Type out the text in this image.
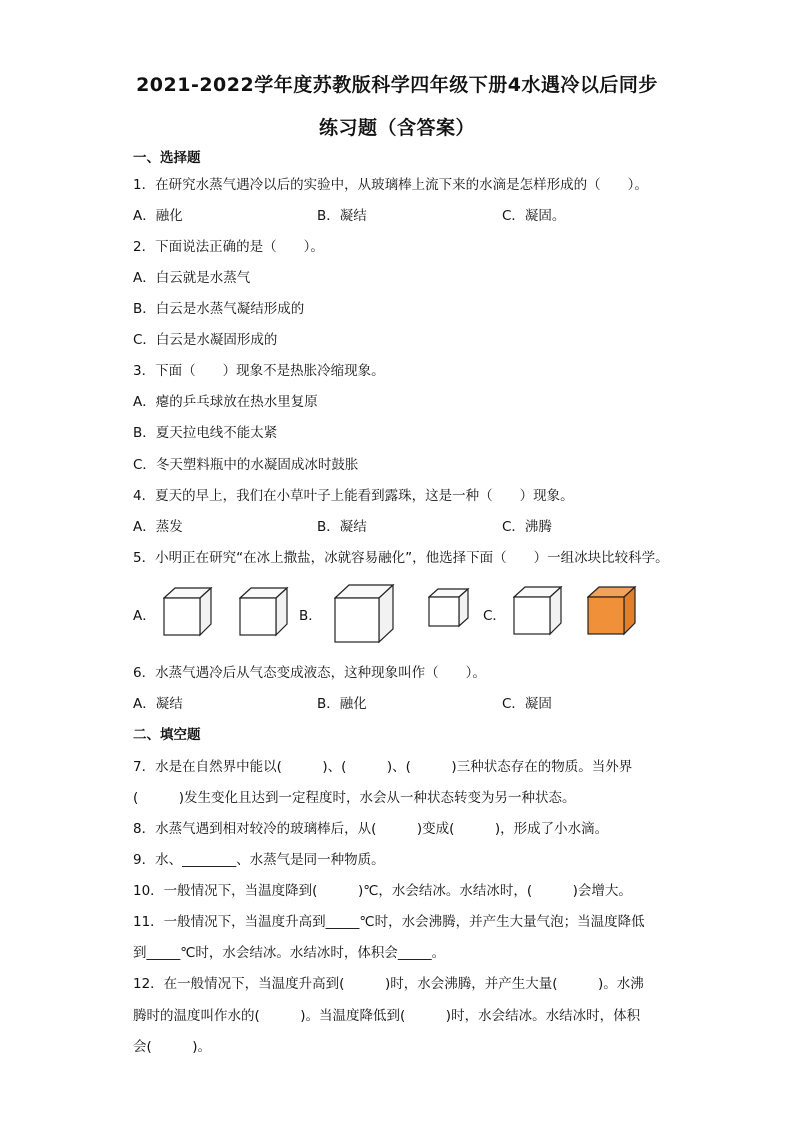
2021-2022学年度苏教版科学四年级下册4水遇冷以后同步
练习题（含答案）
一、选择题
1．在研究水蒸气遇冷以后的实验中，从玻璃棒上流下来的水滴是怎样形成的（　　）。
A．融化	B．凝结	C．凝固。
2．下面说法正确的是（　　）。
A．白云就是水蒸气
B．白云是水蒸气凝结形成的
C．白云是水凝固形成的
3．下面（　　）现象不是热胀冷缩现象。
A．瘪的乒乓球放在热水里复原
B．夏天拉电线不能太紧
C．冬天塑料瓶中的水凝固成冰时鼓胀
4．夏天的早上，我们在小草叶子上能看到露珠，这是一种（　　）现象。
A．蒸发	B．凝结	C．沸腾
5．小明正在研究“在冰上撒盐，冰就容易融化”，他选择下面（　　）一组冰块比较科学。
A．	B．	C．
6．水蒸气遇冷后从气态变成液态，这种现象叫作（　　）。
A．凝结	B．融化	C．凝固
二、填空题
7．水是在自然界中能以(　　　)、(　　　)、(　　　)三种状态存在的物质。当外界
(　　　)发生变化且达到一定程度时，水会从一种状态转变为另一种状态。
8．水蒸气遇到相对较冷的玻璃棒后，从(　　　)变成(　　　)，形成了小水滴。
9．水、________、水蒸气是同一种物质。
10．一般情况下，当温度降到(　　　)℃，水会结冰。水结冰时，(　　　)会增大。
11．一般情况下，当温度升高到_____℃时，水会沸腾，并产生大量气泡；当温度降低
到_____℃时，水会结冰。水结冰时，体积会_____。
12．在一般情况下，当温度升高到(　　　)时，水会沸腾，并产生大量(　　　)。水沸
腾时的温度叫作水的(　　　)。当温度降低到(　　　)时，水会结冰。水结冰时，体积
会(　　　)。
